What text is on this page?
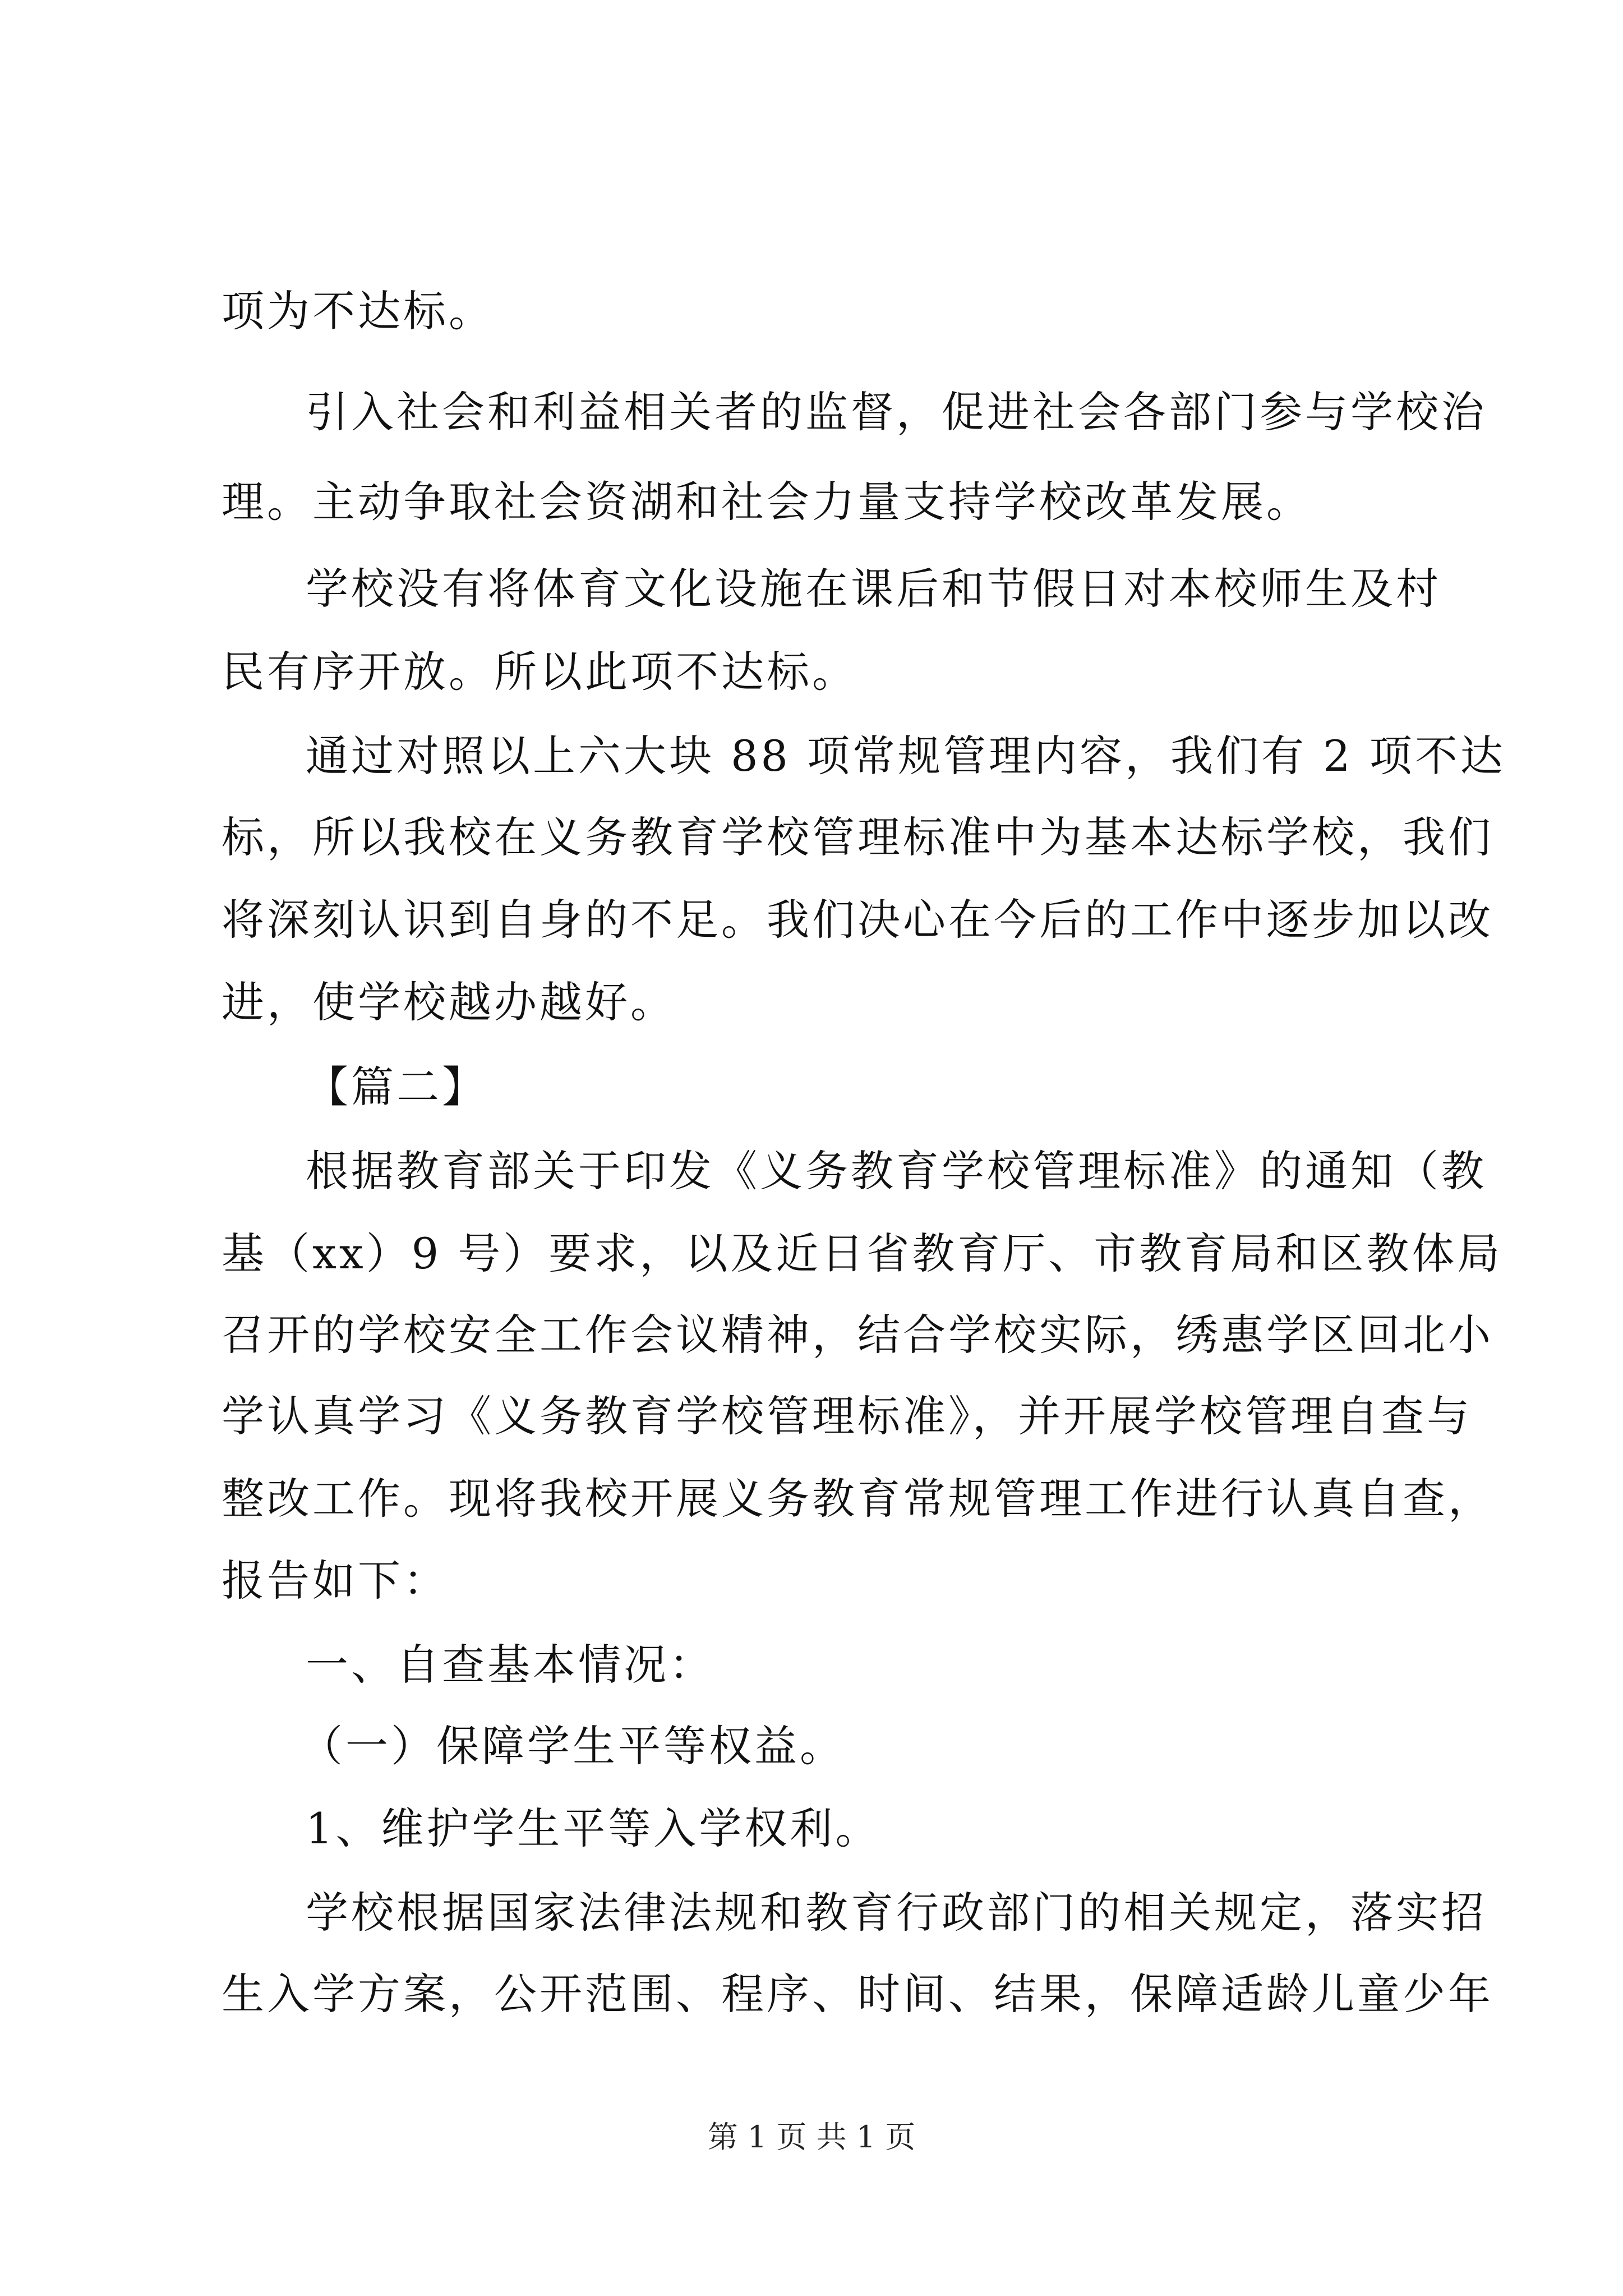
项为不达标。

引入社会和利益相关者的监督，促进社会各部门参与学校治

理。主动争取社会资湖和社会力量支持学校改革发展。

学校没有将体育文化设施在课后和节假日对本校师生及村

民有序开放。所以此项不达标。

通过对照以上六大块 88 项常规管理内容，我们有 2 项不达

标，所以我校在义务教育学校管理标准中为基本达标学校，我们

将深刻认识到自身的不足。我们决心在今后的工作中逐步加以改

进，使学校越办越好。

【篇二】

根据教育部关于印发《义务教育学校管理标准》的通知（教

基（xx）9 号）要求，以及近日省教育厅、市教育局和区教体局

召开的学校安全工作会议精神，结合学校实际，绣惠学区回北小

学认真学习《义务教育学校管理标准》，并开展学校管理自查与

整改工作。现将我校开展义务教育常规管理工作进行认真自查，

报告如下：

一、自查基本情况：

（一）保障学生平等权益。

1、维护学生平等入学权利。

学校根据国家法律法规和教育行政部门的相关规定，落实招

生入学方案，公开范围、程序、时间、结果，保障适龄儿童少年

第 1 页 共 1 页
